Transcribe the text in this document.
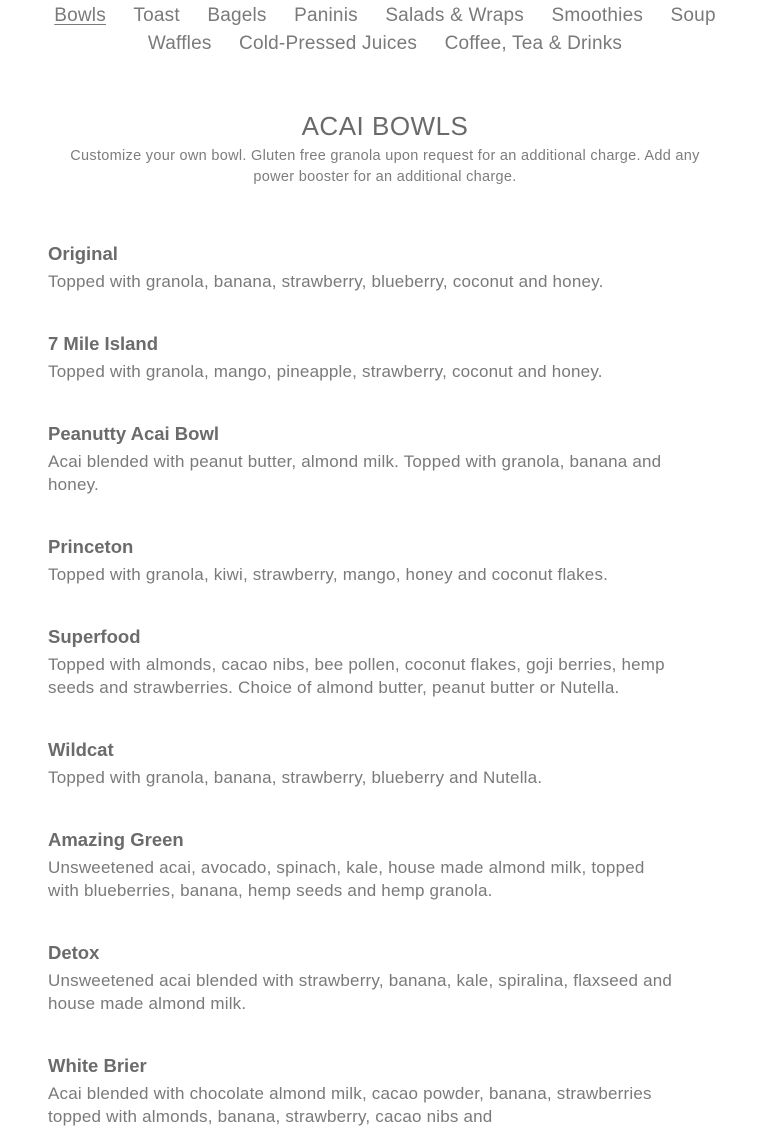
Bowls Toast Bagels Paninis Salads & Wraps Smoothies Soup
Waffles Cold-Pressed Juices Coffee, Tea & Drinks
ACAI BOWLS

Customize your own bowl. Gluten free granola upon request for an additional charge. Add any power booster for an additional charge.

Original

Topped with granola, banana, strawberry, blueberry, coconut and honey.

7 Mile Island

Topped with granola, mango, pineapple, strawberry, coconut and honey.

Peanutty Acai Bowl

Acai blended with peanut butter, almond milk. Topped with granola, banana and honey.

Princeton

Topped with granola, kiwi, strawberry, mango, honey and coconut flakes.

Superfood

Topped with almonds, cacao nibs, bee pollen, coconut flakes, goji berries, hemp seeds and strawberries. Choice of almond butter, peanut butter or Nutella.

Wildcat

Topped with granola, banana, strawberry, blueberry and Nutella.

Amazing Green

Unsweetened acai, avocado, spinach, kale, house made almond milk, topped with blueberries, banana, hemp seeds and hemp granola.

Detox

Unsweetened acai blended with strawberry, banana, kale, spiralina, flaxseed and house made almond milk.

White Brier

Acai blended with chocolate almond milk, cacao powder, banana, strawberries topped with almonds, banana, strawberry, cacao nibs and
